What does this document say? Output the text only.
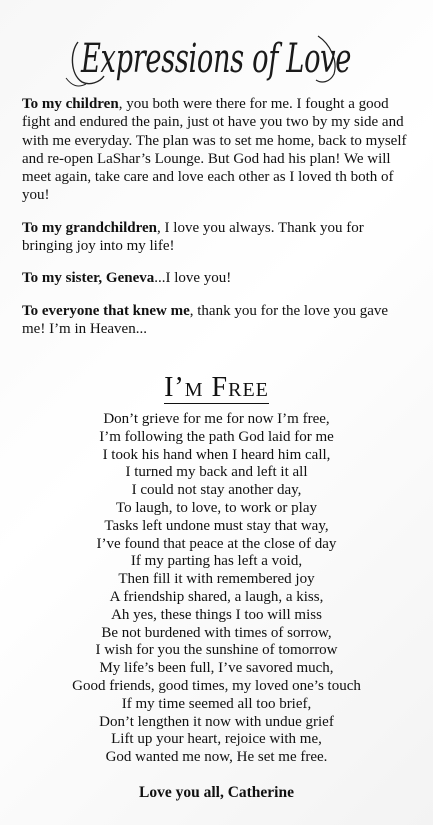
Expressions of Love

To my children, you both were there for me. I fought a good fight and endured the pain, just ot have you two by my side and with me everyday. The plan was to set me home, back to myself and re-open LaShar’s Lounge. But God had his plan! We will meet again, take care and love each other as I loved th both of you!

To my grandchildren, I love you always. Thank you for bringing joy into my life!

To my sister, Geneva...I love you!

To everyone that knew me, thank you for the love you gave me! I’m in Heaven...

I’m Free
Don’t grieve for me for now I’m free,
I’m following the path God laid for me
I took his hand when I heard him call,
I turned my back and left it all
I could not stay another day,
To laugh, to love, to work or play
Tasks left undone must stay that way,
I’ve found that peace at the close of day
If my parting has left a void,
Then fill it with remembered joy
A friendship shared, a laugh, a kiss,
Ah yes, these things I too will miss
Be not burdened with times of sorrow,
I wish for you the sunshine of tomorrow
My life’s been full, I’ve savored much,
Good friends, good times, my loved one’s touch
If my time seemed all too brief,
Don’t lengthen it now with undue grief
Lift up your heart, rejoice with me,
God wanted me now, He set me free.
Love you all, Catherine
